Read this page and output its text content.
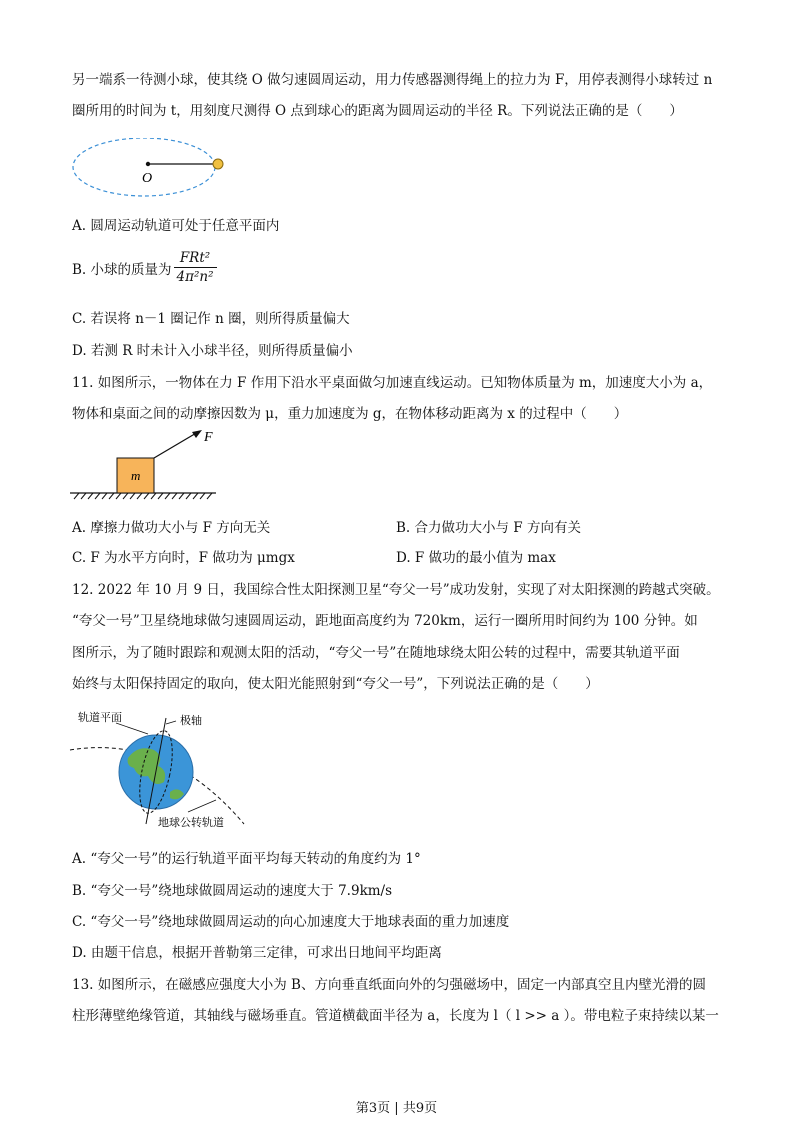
另一端系一待测小球，使其绕 O 做匀速圆周运动，用力传感器测得绳上的拉力为 F，用停表测得小球转过 n
圈所用的时间为 t，用刻度尺测得 O 点到球心的距离为圆周运动的半径 R。下列说法正确的是（　　）
O
A. 圆周运动轨道可处于任意平面内
B. 小球的质量为 $\frac{\text{FRt²}}{\text{4π²n²}}$
C. 若误将 n－1 圈记作 n 圈，则所得质量偏大
D. 若测 R 时未计入小球半径，则所得质量偏小
11. 如图所示，一物体在力 F 作用下沿水平桌面做匀加速直线运动。已知物体质量为 m，加速度大小为 a，
物体和桌面之间的动摩擦因数为 μ，重力加速度为 g，在物体移动距离为 x 的过程中（　　）
m
F
A. 摩擦力做功大小与 F 方向无关	B. 合力做功大小与 F 方向有关
C. F 为水平方向时，F 做功为 μmgx	D. F 做功的最小值为 max
12. 2022 年 10 月 9 日，我国综合性太阳探测卫星“夸父一号”成功发射，实现了对太阳探测的跨越式突破。
“夸父一号”卫星绕地球做匀速圆周运动，距地面高度约为 720km，运行一圈所用时间约为 100 分钟。如
图所示，为了随时跟踪和观测太阳的活动，“夸父一号”在随地球绕太阳公转的过程中，需要其轨道平面
始终与太阳保持固定的取向，使太阳光能照射到“夸父一号”，下列说法正确的是（　　）
轨道平面	极轴
地球公转轨道
A. “夸父一号”的运行轨道平面平均每天转动的角度约为 1°
B. “夸父一号”绕地球做圆周运动的速度大于 7.9km/s
C. “夸父一号”绕地球做圆周运动的向心加速度大于地球表面的重力加速度
D. 由题干信息，根据开普勒第三定律，可求出日地间平均距离
13. 如图所示，在磁感应强度大小为 B、方向垂直纸面向外的匀强磁场中，固定一内部真空且内壁光滑的圆
柱形薄壁绝缘管道，其轴线与磁场垂直。管道横截面半径为 a，长度为 l（ l >> a ）。带电粒子束持续以某一
第3页 | 共9页
